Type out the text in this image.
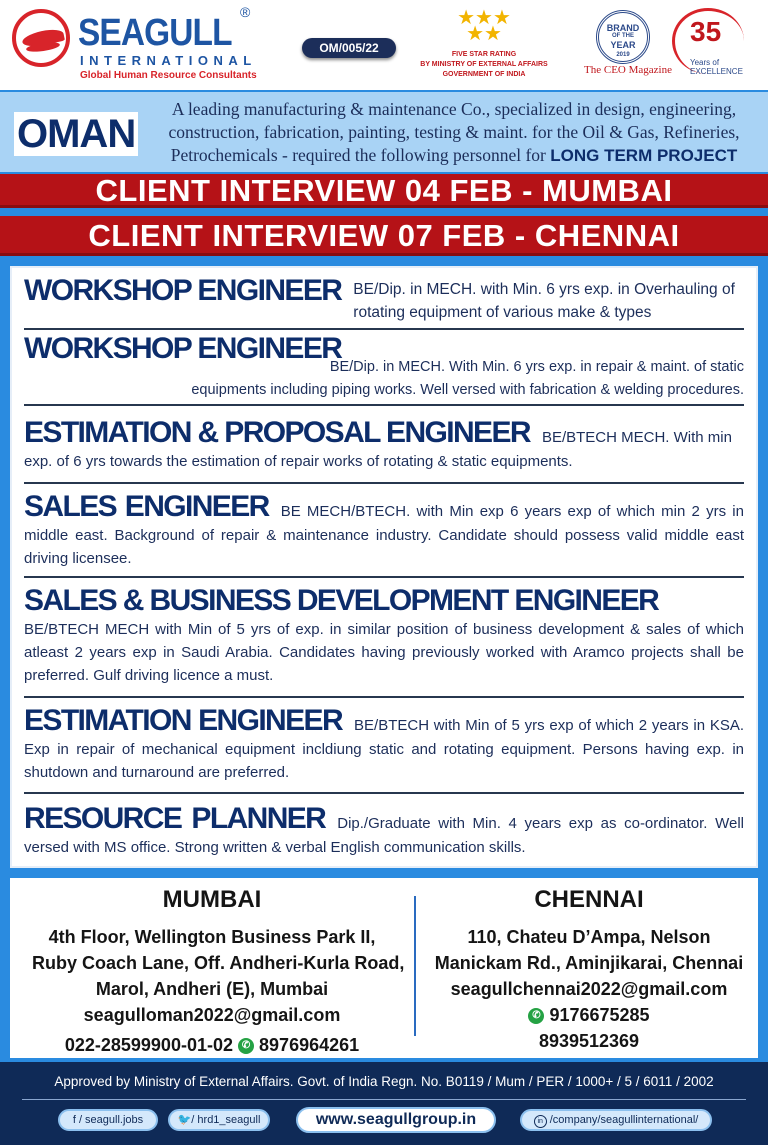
SEAGULL ®
INTERNATIONAL
Global Human Resource Consultants
OM/005/22
★★★
★★
FIVE STAR RATING
BY MINISTRY OF EXTERNAL AFFAIRS
GOVERNMENT OF INDIA
BRAND
OF THE
YEAR
2019
The CEO Magazine
35
Years of EXCELLENCE
OMAN
A leading manufacturing & maintenance Co., specialized in design, engineering, construction, fabrication, painting, testing & maint. for the Oil & Gas, Refineries, Petrochemicals - required the following personnel for LONG TERM PROJECT
CLIENT INTERVIEW 04 FEB - MUMBAI
CLIENT INTERVIEW 07 FEB - CHENNAI
WORKSHOP ENGINEER BE/Dip. in MECH. with Min. 6 yrs exp. in Overhauling of rotating equipment of various make & types
WORKSHOP ENGINEER
BE/Dip. in MECH. With Min. 6 yrs exp. in repair & maint. of static equipments including piping works. Well versed with fabrication & welding procedures.
ESTIMATION & PROPOSAL ENGINEER BE/BTECH MECH. With min exp. of 6 yrs towards the estimation of repair works of rotating & static equipments.
SALES ENGINEER BE MECH/BTECH. with Min exp 6 years exp of which min 2 yrs in middle east. Background of repair & maintenance industry. Candidate should possess valid middle east driving licensee.
SALES & BUSINESS DEVELOPMENT ENGINEER
BE/BTECH MECH with Min of 5 yrs of exp. in similar position of business development & sales of which atleast 2 years exp in Saudi Arabia. Candidates having previously worked with Aramco projects shall be preferred. Gulf driving licence a must.
ESTIMATION ENGINEER BE/BTECH with Min of 5 yrs exp of which 2 years in KSA. Exp in repair of mechanical equipment incldiung static and rotating equipment. Persons having exp. in shutdown and turnaround are preferred.
RESOURCE PLANNER Dip./Graduate with Min. 4 years exp as co-ordinator. Well versed with MS office. Strong written & verbal English communication skills.
MUMBAI
4th Floor, Wellington Business Park II,
Ruby Coach Lane, Off. Andheri-Kurla Road,
Marol, Andheri (E), Mumbai
seagulloman2022@gmail.com
022-28599900-01-02 ✆ 8976964261
CHENNAI
110, Chateu D’Ampa, Nelson
Manickam Rd., Aminjikarai, Chennai
seagullchennai2022@gmail.com
✆ 9176675285
8939512369
Approved by Ministry of External Affairs. Govt. of India Regn. No. B0119 / Mum / PER / 1000+ / 5 / 6011 / 2002
f / seagull.jobs	🐦/ hrd1_seagull	www.seagullgroup.in	in /company/seagullinternational/
